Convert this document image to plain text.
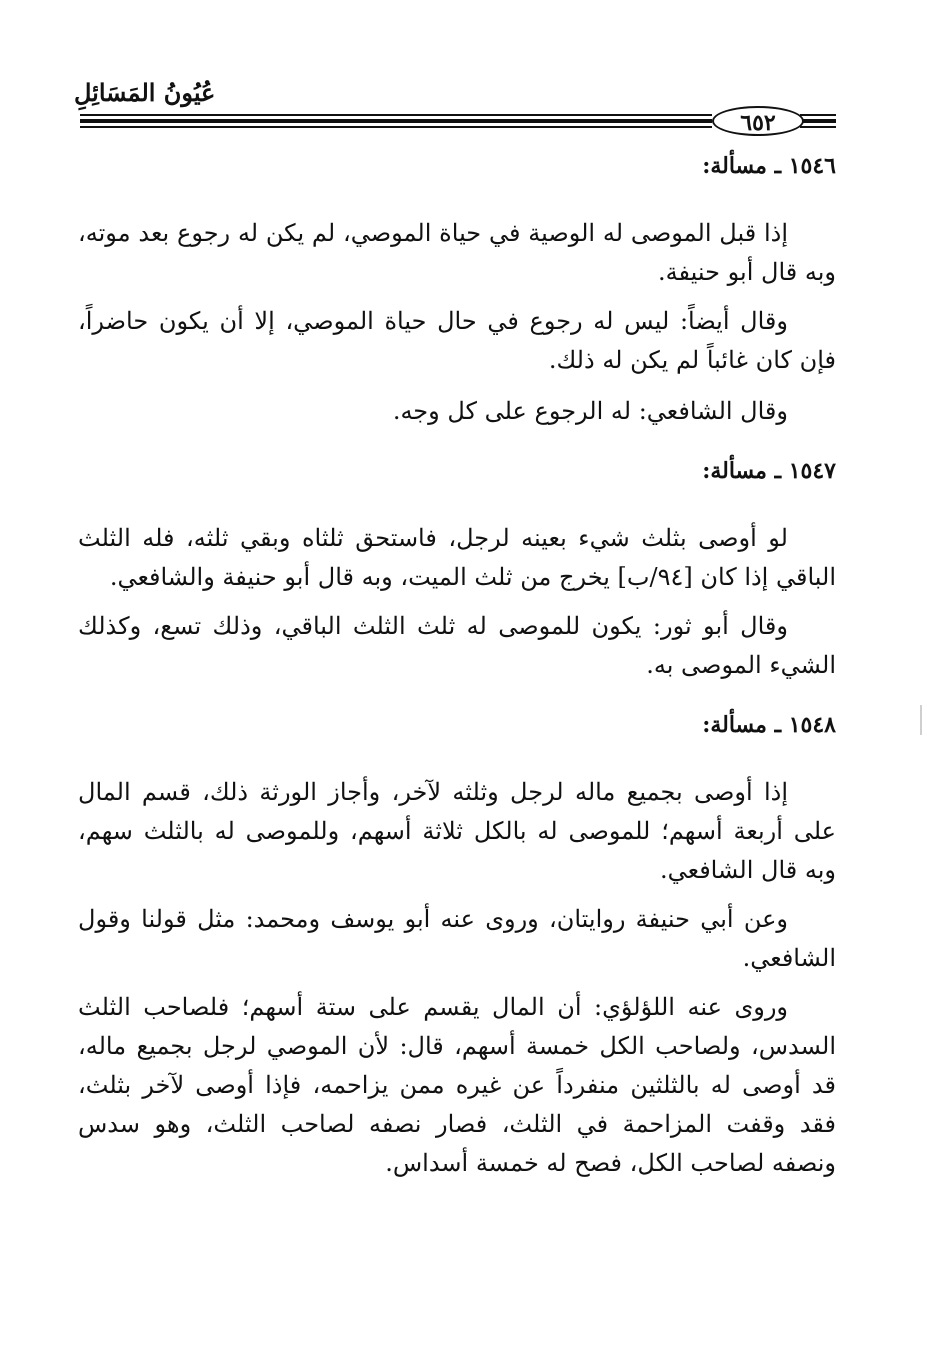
عُيُونُ المَسَائِلِ
٦٥٢
١٥٤٦ ـ مسألة:

إذا قبل الموصى له الوصية في حياة الموصي، لم يكن له رجوع بعد موته، وبه قال أبو حنيفة.

وقال أيضاً: ليس له رجوع في حال حياة الموصي، إلا أن يكون حاضراً، فإن كان غائباً لم يكن له ذلك.

وقال الشافعي: له الرجوع على كل وجه.

١٥٤٧ ـ مسألة:

لو أوصى بثلث شيء بعينه لرجل، فاستحق ثلثاه وبقي ثلثه، فله الثلث الباقي إذا كان [٩٤/ب] يخرج من ثلث الميت، وبه قال أبو حنيفة والشافعي.

وقال أبو ثور: يكون للموصى له ثلث الثلث الباقي، وذلك تسع، وكذلك الشيء الموصى به.

١٥٤٨ ـ مسألة:

إذا أوصى بجميع ماله لرجل وثلثه لآخر، وأجاز الورثة ذلك، قسم المال على أربعة أسهم؛ للموصى له بالكل ثلاثة أسهم، وللموصى له بالثلث سهم، وبه قال الشافعي.

وعن أبي حنيفة روايتان، وروى عنه أبو يوسف ومحمد: مثل قولنا وقول الشافعي.

وروى عنه اللؤلؤي: أن المال يقسم على ستة أسهم؛ فلصاحب الثلث السدس، ولصاحب الكل خمسة أسهم، قال: لأن الموصي لرجل بجميع ماله، قد أوصى له بالثلثين منفرداً عن غيره ممن يزاحمه، فإذا أوصى لآخر بثلث، فقد وقفت المزاحمة في الثلث، فصار نصفه لصاحب الثلث، وهو سدس ونصفه لصاحب الكل، فصح له خمسة أسداس.
